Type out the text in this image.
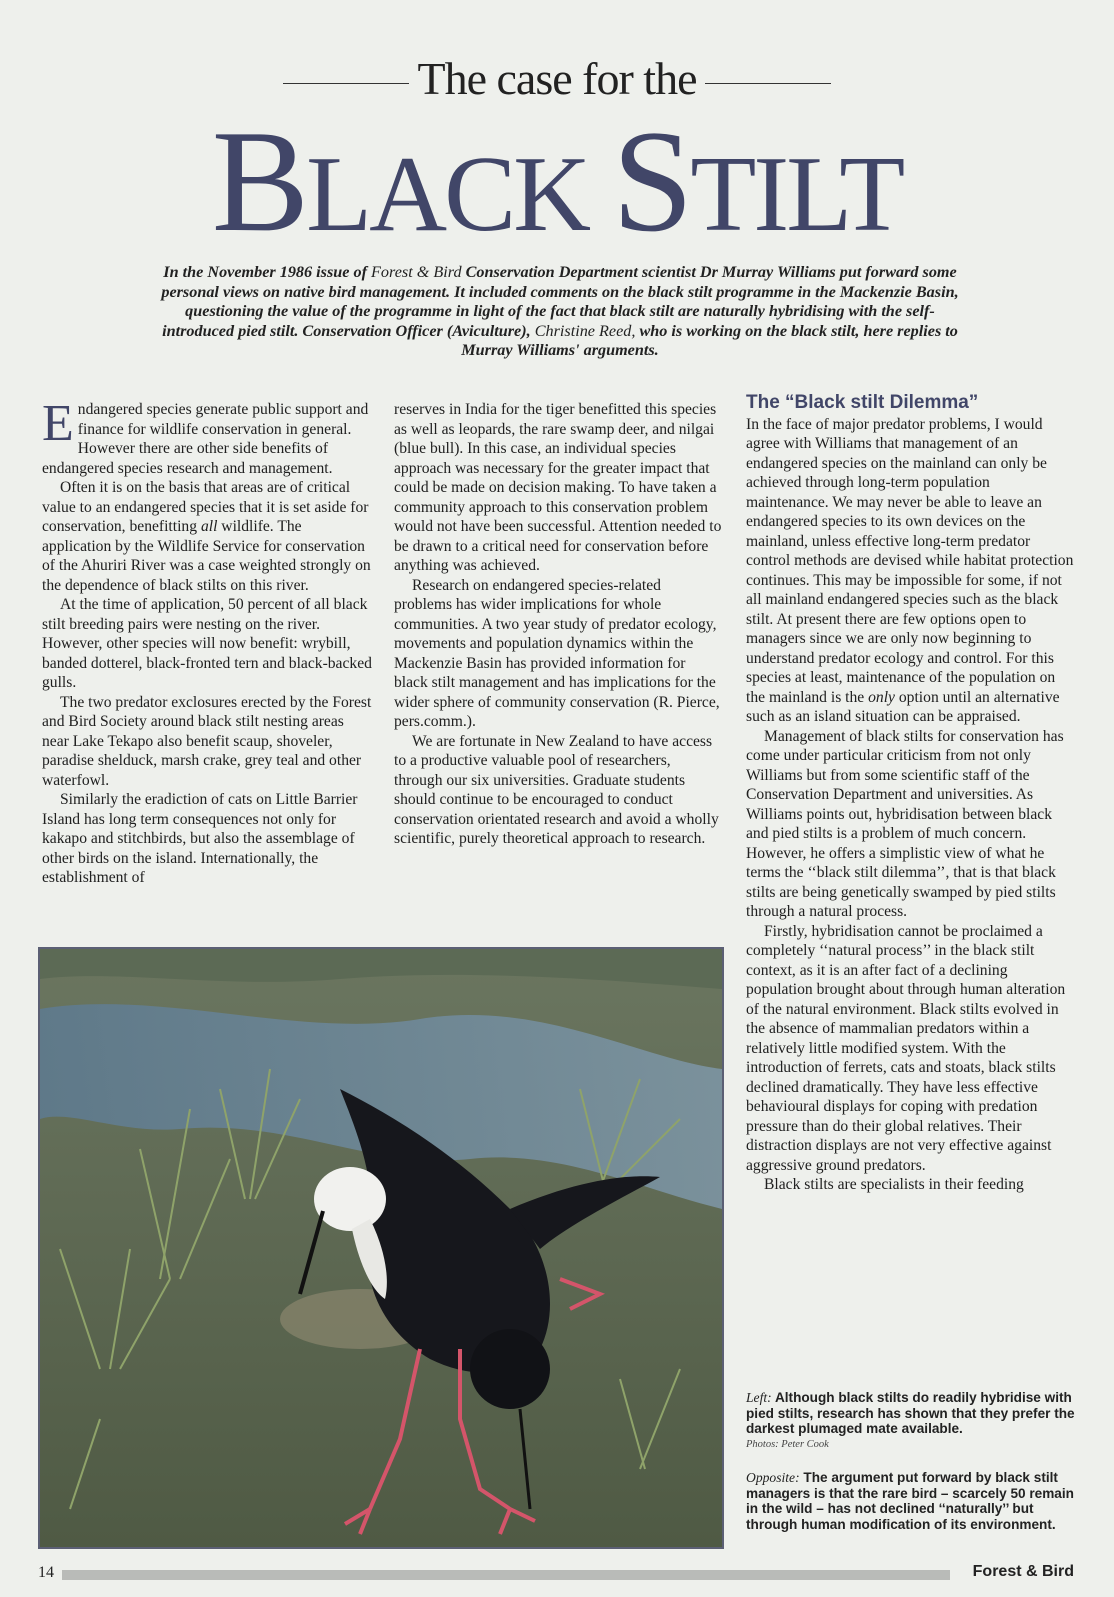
The case for the
BLACK STILT
In the November 1986 issue of Forest & Bird Conservation Department scientist Dr Murray Williams put forward some personal views on native bird management. It included comments on the black stilt programme in the Mackenzie Basin, questioning the value of the programme in light of the fact that black stilt are naturally hybridising with the self-introduced pied stilt. Conservation Officer (Aviculture), Christine Reed, who is working on the black stilt, here replies to Murray Williams' arguments.

Endangered species generate public support and finance for wildlife conservation in general. However there are other side benefits of endangered species research and management.

Often it is on the basis that areas are of critical value to an endangered species that it is set aside for conservation, benefitting all wildlife. The application by the Wildlife Service for conservation of the Ahuriri River was a case weighted strongly on the dependence of black stilts on this river.

At the time of application, 50 percent of all black stilt breeding pairs were nesting on the river. However, other species will now benefit: wrybill, banded dotterel, black-fronted tern and black-backed gulls.

The two predator exclosures erected by the Forest and Bird Society around black stilt nesting areas near Lake Tekapo also benefit scaup, shoveler, paradise shelduck, marsh crake, grey teal and other waterfowl.

Similarly the eradiction of cats on Little Barrier Island has long term consequences not only for kakapo and stitchbirds, but also the assemblage of other birds on the island. Internationally, the establishment of

reserves in India for the tiger benefitted this species as well as leopards, the rare swamp deer, and nilgai (blue bull). In this case, an individual species approach was necessary for the greater impact that could be made on decision making. To have taken a community approach to this conservation problem would not have been successful. Attention needed to be drawn to a critical need for conservation before anything was achieved.

Research on endangered species-related problems has wider implications for whole communities. A two year study of predator ecology, movements and population dynamics within the Mackenzie Basin has provided information for black stilt management and has implications for the wider sphere of community conservation (R. Pierce, pers.comm.).

We are fortunate in New Zealand to have access to a productive valuable pool of researchers, through our six universities. Graduate students should continue to be encouraged to conduct conservation orientated research and avoid a wholly scientific, purely theoretical approach to research.

The “Black stilt Dilemma”

In the face of major predator problems, I would agree with Williams that management of an endangered species on the mainland can only be achieved through long-term population maintenance. We may never be able to leave an endangered species to its own devices on the mainland, unless effective long-term predator control methods are devised while habitat protection continues. This may be impossible for some, if not all mainland endangered species such as the black stilt. At present there are few options open to managers since we are only now beginning to understand predator ecology and control. For this species at least, maintenance of the population on the mainland is the only option until an alternative such as an island situation can be appraised.

Management of black stilts for conservation has come under particular criticism from not only Williams but from some scientific staff of the Conservation Department and universities. As Williams points out, hybridisation between black and pied stilts is a problem of much concern. However, he offers a simplistic view of what he terms the ‘‘black stilt dilemma’’, that is that black stilts are being genetically swamped by pied stilts through a natural process.

Firstly, hybridisation cannot be proclaimed a completely ‘‘natural process’’ in the black stilt context, as it is an after fact of a declining population brought about through human alteration of the natural environment. Black stilts evolved in the absence of mammalian predators within a relatively little modified system. With the introduction of ferrets, cats and stoats, black stilts declined dramatically. They have less effective behavioural displays for coping with predation pressure than do their global relatives. Their distraction displays are not very effective against aggressive ground predators.

Black stilts are specialists in their feeding

Left: Although black stilts do readily hybridise with pied stilts, research has shown that they prefer the darkest plumaged mate available.
Photos: Peter Cook
Opposite: The argument put forward by black stilt managers is that the rare bird – scarcely 50 remain in the wild – has not declined ‘‘naturally’’ but through human modification of its environment.
14	Forest & Bird
